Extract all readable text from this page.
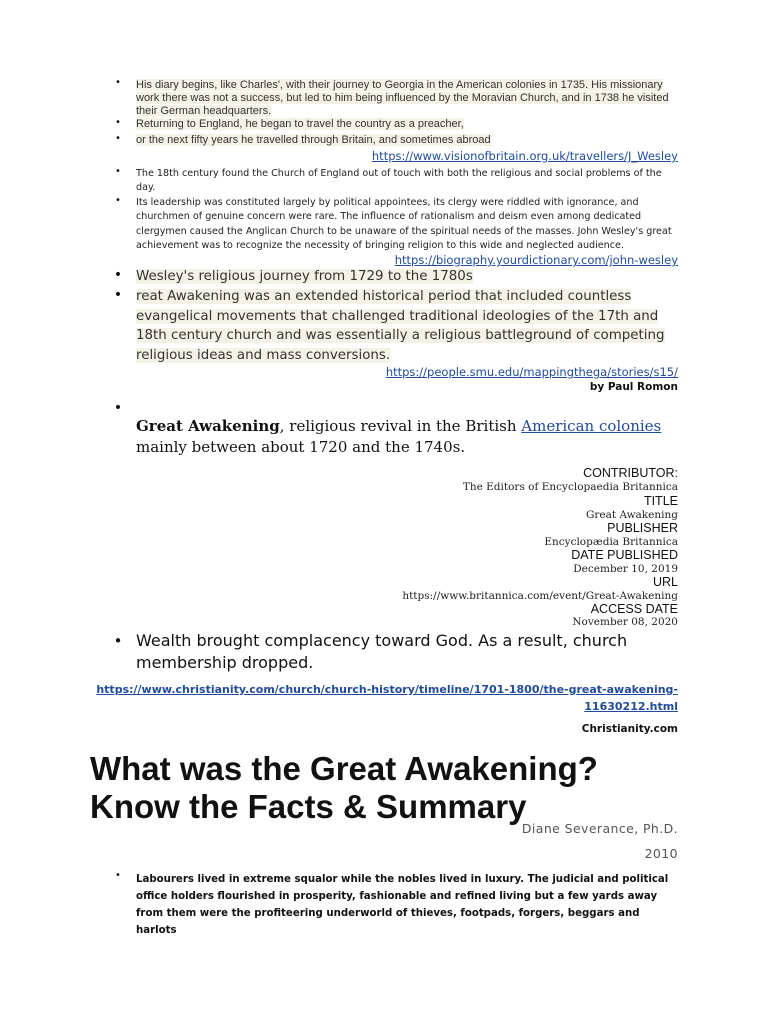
•	His diary begins, like Charles', with their journey to Georgia in the American colonies in 1735. His missionary work there was not a success, but led to him being influenced by the Moravian Church, and in 1738 he visited their German headquarters.
•	Returning to England, he began to travel the country as a preacher,
•	or the next fifty years he travelled through Britain, and sometimes abroad
https://www.visionofbritain.org.uk/travellers/J_Wesley
•	The 18th century found the Church of England out of touch with both the religious and social problems of the day.
•	Its leadership was constituted largely by political appointees, its clergy were riddled with ignorance, and churchmen of genuine concern were rare. The influence of rationalism and deism even among dedicated clergymen caused the Anglican Church to be unaware of the spiritual needs of the masses. John Wesley's great achievement was to recognize the necessity of bringing religion to this wide and neglected audience.
https://biography.yourdictionary.com/john-wesley
•	Wesley's religious journey from 1729 to the 1780s
•	reat Awakening was an extended historical period that included countless evangelical movements that challenged traditional ideologies of the 17th and 18th century church and was essentially a religious battleground of competing religious ideas and mass conversions.
https://people.smu.edu/mappingthega/stories/s15/
by Paul Romon
•
Great Awakening, religious revival in the British American colonies mainly between about 1720 and the 1740s.
CONTRIBUTOR:
The Editors of Encyclopaedia Britannica
TITLE
Great Awakening
PUBLISHER
Encyclopædia Britannica
DATE PUBLISHED
December 10, 2019
URL
https://www.britannica.com/event/Great-Awakening
ACCESS DATE
November 08, 2020
• Wealth brought complacency toward God. As a result, church membership dropped.
https://www.christianity.com/church/church-history/timeline/1701-1800/the-great-awakening-
11630212.html
Christianity.com
What was the Great Awakening?
Know the Facts & Summary
Diane Severance, Ph.D.
2010
•	Labourers lived in extreme squalor while the nobles lived in luxury. The judicial and political office holders flourished in prosperity, fashionable and refined living but a few yards away from them were the profiteering underworld of thieves, footpads, forgers, beggars and harlots
